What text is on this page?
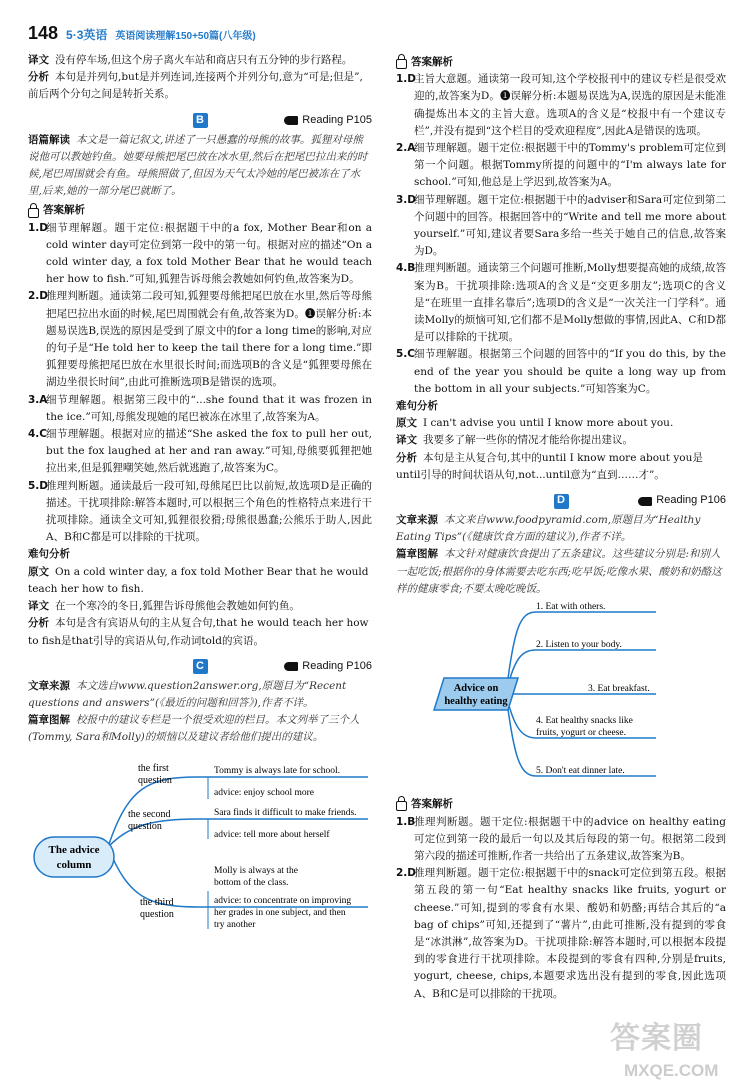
148 5·3英语 英语阅读理解150+50篇(八年级)

译文 没有停车场,但这个房子离火车站和商店只有五分钟的步行路程。

分析 本句是并列句,but是并列连词,连接两个并列分句,意为“可是;但是”,前后两个分句之间是转折关系。

B	Reading P105

语篇解读 本文是一篇记叙文,讲述了一只愚蠢的母熊的故事。狐狸对母熊说他可以教她钓鱼。她要母熊把尾巴放在冰水里,然后在把尾巴拉出来的时候,尾巴周围就会有鱼。母熊照做了,但因为天气太冷她的尾巴被冻在了水里,后来,她的一部分尾巴就断了。

答案解析
1.D
细节理解题。题干定位:根据题干中的a fox, Mother Bear和on a cold winter day可定位到第一段中的第一句。根据对应的描述“On a cold winter day, a fox told Mother Bear that he would teach her how to fish.”可知,狐狸告诉母熊会教她如何钓鱼,故答案为D。
2.D
推理判断题。通读第二段可知,狐狸要母熊把尾巴放在水里,然后等母熊把尾巴拉出水面的时候,尾巴周围就会有鱼,故答案为D。❶误解分析:本题易误选B,误选的原因是受到了原文中的for a long time的影响,对应的句子是“He told her to keep the tail there for a long time.”即狐狸要母熊把尾巴放在水里很长时间;而选项B的含义是“狐狸要母熊在湖边坐很长时间”,由此可推断选项B是错误的选项。
3.A
细节理解题。根据第三段中的“...she found that it was frozen in the ice.”可知,母熊发现她的尾巴被冻在冰里了,故答案为A。
4.C
细节理解题。根据对应的描述“She asked the fox to pull her out, but the fox laughed at her and ran away.”可知,母熊要狐狸把她拉出来,但是狐狸嘲笑她,然后就逃跑了,故答案为C。
5.D
推理判断题。通读最后一段可知,母熊尾巴比以前短,故选项D是正确的描述。干扰项排除:解答本题时,可以根据三个角色的性格特点来进行干扰项排除。通读全文可知,狐狸很狡猾;母熊很愚蠢;公熊乐于助人,因此A、B和C都是可以排除的干扰项。
难句分析

原文 On a cold winter day, a fox told Mother Bear that he would teach her how to fish.

译文 在一个寒冷的冬日,狐狸告诉母熊他会教她如何钓鱼。

分析 本句是含有宾语从句的主从复合句,that he would teach her how to fish是that引导的宾语从句,作动词told的宾语。

C	Reading P106

文章来源 本文选自www.question2answer.org,原题目为“Recent questions and answers”(《最近的问题和回答》),作者不详。

篇章图解 校报中的建议专栏是一个很受欢迎的栏目。本文列举了三个人(Tommy, Sara和Molly)的烦恼以及建议者给他们提出的建议。

The advice
column
the first
question
Tommy is always late for school.
advice: enjoy school more
the second
question
Sara finds it difficult to make friends.
advice: tell more about herself
the third
question
Molly is always at the
bottom of the class.
advice: to concentrate on improving
her grades in one subject, and then
try another
答案解析
1.D
主旨大意题。通读第一段可知,这个学校报刊中的建议专栏是很受欢迎的,故答案为D。❶误解分析:本题易误选为A,误选的原因是未能准确提炼出本文的主旨大意。选项A的含义是“校报中有一个建议专栏”,并没有提到“这个栏目的受欢迎程度”,因此A是错误的选项。
2.A
细节理解题。题干定位:根据题干中的Tommy's problem可定位到第一个问题。根据Tommy所提的问题中的“I'm always late for school.”可知,他总是上学迟到,故答案为A。
3.D
细节理解题。题干定位:根据题干中的adviser和Sara可定位到第二个问题中的回答。根据回答中的“Write and tell me more about yourself.”可知,建议者要Sara多给一些关于她自己的信息,故答案为D。
4.B
推理判断题。通读第三个问题可推断,Molly想要提高她的成绩,故答案为B。干扰项排除:选项A的含义是“交更多朋友”;选项C的含义是“在班里一直排名靠后”;选项D的含义是“一次关注一门学科”。通读Molly的烦恼可知,它们都不是Molly想做的事情,因此A、C和D都是可以排除的干扰项。
5.C
细节理解题。根据第三个问题的回答中的“If you do this, by the end of the year you should be quite a long way up from the bottom in all your subjects.”可知答案为C。
难句分析

原文 I can't advise you until I know more about you.

译文 我要多了解一些你的情况才能给你提出建议。

分析 本句是主从复合句,其中的until I know more about you是until引导的时间状语从句,not...until意为“直到……才”。

D	Reading P106

文章来源 本文来自www.foodpyramid.com,原题目为“Healthy Eating Tips”(《健康饮食方面的建议》),作者不详。

篇章图解 本文针对健康饮食提出了五条建议。这些建议分别是:和别人一起吃饭;根据你的身体需要去吃东西;吃早饭;吃像水果、酸奶和奶酪这样的健康零食;不要太晚吃晚饭。

Advice on
healthy eating
1. Eat with others.
2. Listen to your body.
3. Eat breakfast.
4. Eat healthy snacks like
fruits, yogurt or cheese.
5. Don't eat dinner late.
答案解析
1.B
推理判断题。题干定位:根据题干中的advice on healthy eating可定位到第一段的最后一句以及其后每段的第一句。根据第二段到第六段的描述可推断,作者一共给出了五条建议,故答案为B。
2.D
推理判断题。题干定位:根据题干中的snack可定位到第五段。根据第五段的第一句“Eat healthy snacks like fruits, yogurt or cheese.”可知,提到的零食有水果、酸奶和奶酪;再结合其后的“a bag of chips”可知,还提到了“薯片”,由此可推断,没有提到的零食是“冰淇淋”,故答案为D。干扰项排除:解答本题时,可以根据本段提到的零食进行干扰项排除。本段提到的零食有四种,分别是fruits, yogurt, cheese, chips,本题要求选出没有提到的零食,因此选项A、B和C是可以排除的干扰项。
答案圈
MXQE.COM
